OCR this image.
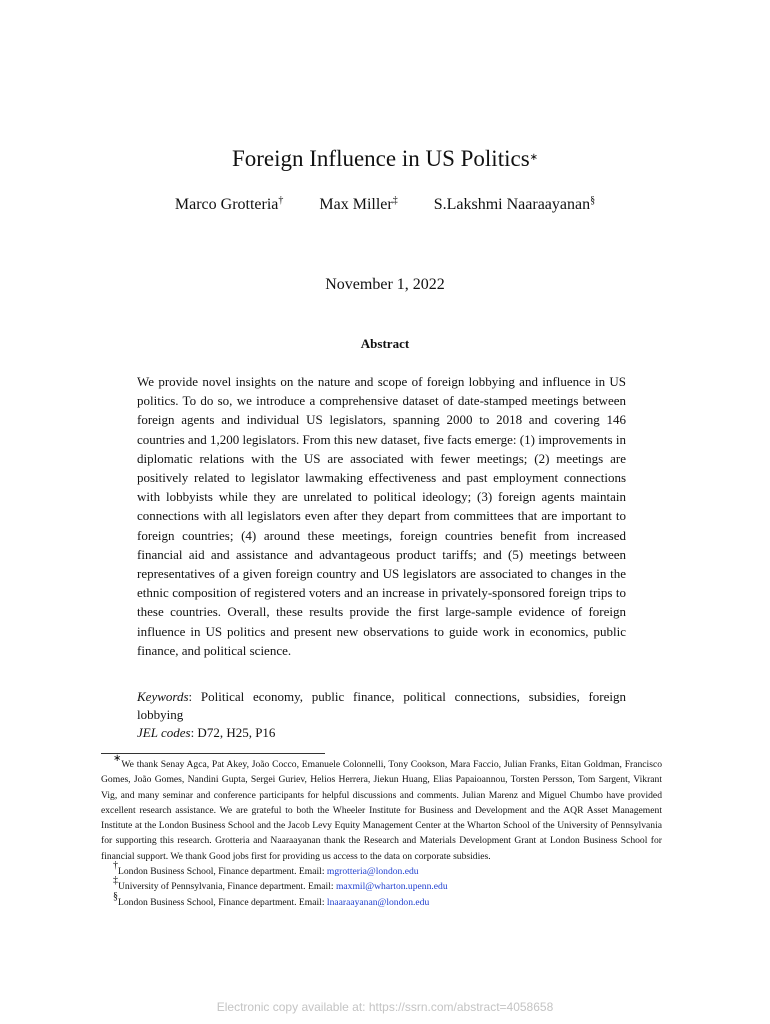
Foreign Influence in US Politics∗
Marco Grotteria† Max Miller‡ S.Lakshmi Naaraayanan§
November 1, 2022
Abstract
We provide novel insights on the nature and scope of foreign lobbying and influence in US politics. To do so, we introduce a comprehensive dataset of date-stamped meetings between foreign agents and individual US legislators, spanning 2000 to 2018 and covering 146 countries and 1,200 legislators. From this new dataset, five facts emerge: (1) improvements in diplomatic relations with the US are associated with fewer meetings; (2) meetings are positively related to legislator lawmaking effectiveness and past employment connections with lobbyists while they are unrelated to political ideology; (3) foreign agents maintain connections with all legislators even after they depart from committees that are important to foreign countries; (4) around these meetings, foreign countries benefit from increased financial aid and assistance and advantageous product tariffs; and (5) meetings between representatives of a given foreign country and US legislators are associated to changes in the ethnic composition of registered voters and an increase in privately-sponsored foreign trips to these countries. Overall, these results provide the first large-sample evidence of foreign influence in US politics and present new observations to guide work in economics, public finance, and political science.
Keywords: Political economy, public finance, political connections, subsidies, foreign lobbying
JEL codes: D72, H25, P16
∗We thank Senay Agca, Pat Akey, João Cocco, Emanuele Colonnelli, Tony Cookson, Mara Faccio, Julian Franks, Eitan Goldman, Francisco Gomes, João Gomes, Nandini Gupta, Sergei Guriev, Helios Herrera, Jiekun Huang, Elias Papaioannou, Torsten Persson, Tom Sargent, Vikrant Vig, and many seminar and conference participants for helpful discussions and comments. Julian Marenz and Miguel Chumbo have provided excellent research assistance. We are grateful to both the Wheeler Institute for Business and Development and the AQR Asset Management Institute at the London Business School and the Jacob Levy Equity Management Center at the Wharton School of the University of Pennsylvania for supporting this research. Grotteria and Naaraayanan thank the Research and Materials Development Grant at London Business School for financial support. We thank Good jobs first for providing us access to the data on corporate subsidies.
†London Business School, Finance department. Email: mgrotteria@london.edu
‡University of Pennsylvania, Finance department. Email: maxmil@wharton.upenn.edu
§London Business School, Finance department. Email: lnaaraayanan@london.edu
Electronic copy available at: https://ssrn.com/abstract=4058658
